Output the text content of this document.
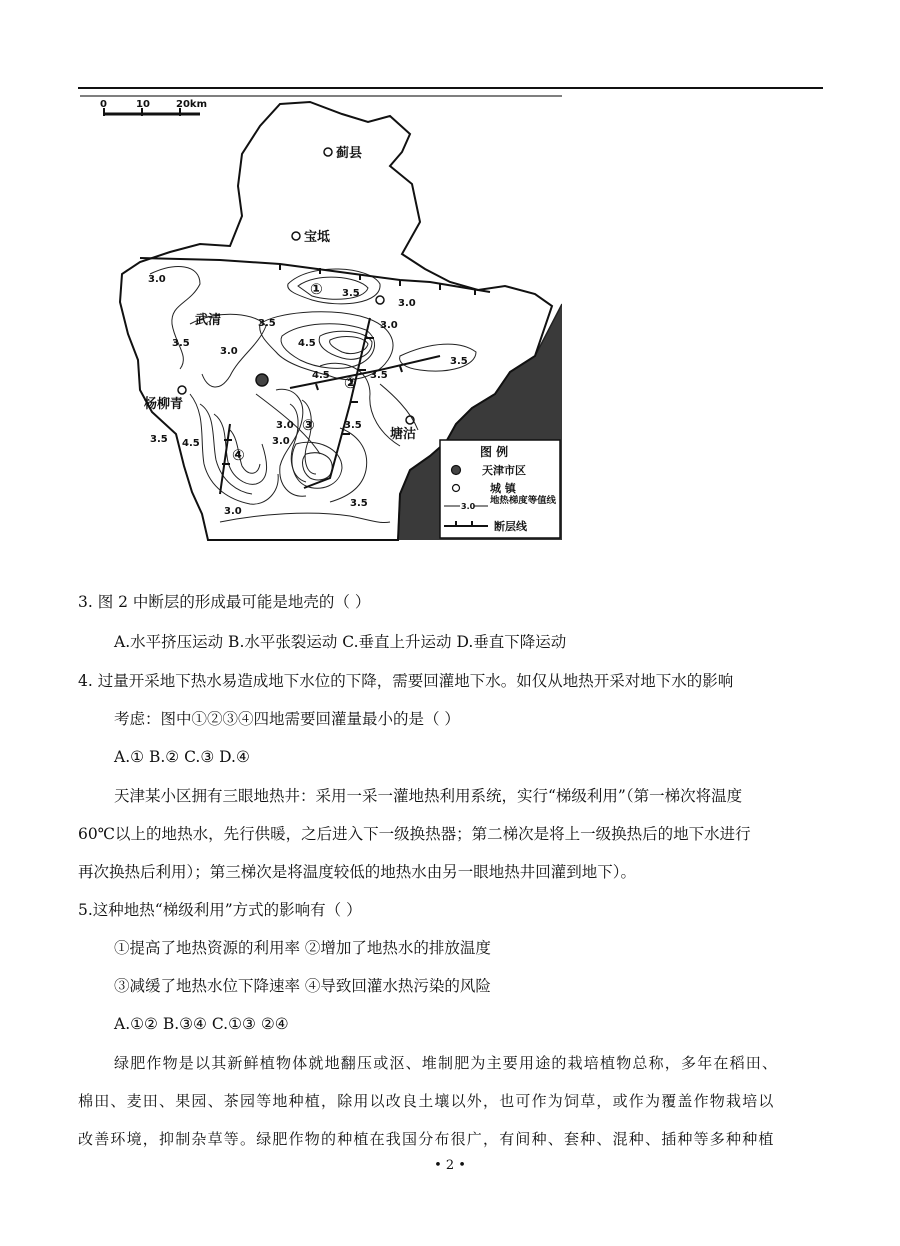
0	10	20km
蓟县
宝坻
武清
杨柳青
塘沽
3.0
3.5
3.0
3.5
3.0
4.5
3.5	3.0
3.5
4.5	3.5
3.5	3.0
3.5
4.5
3.0
3.5
3.0
①
②
③
④	图 例
天津市区
城 镇
3.0
地热梯度等值线
断层线
3. 图 2 中断层的形成最可能是地壳的（ ）
A.水平挤压运动 B.水平张裂运动 C.垂直上升运动 D.垂直下降运动
4. 过量开采地下热水易造成地下水位的下降，需要回灌地下水。如仅从地热开采对地下水的影响
考虑：图中①②③④四地需要回灌量最小的是（ ）
A.① B.② C.③ D.④
天津某小区拥有三眼地热井：采用一采一灌地热利用系统，实行“梯级利用”（第一梯次将温度
60℃以上的地热水，先行供暖，之后进入下一级换热器；第二梯次是将上一级换热后的地下水进行
再次换热后利用）；第三梯次是将温度较低的地热水由另一眼地热井回灌到地下）。
5.这种地热“梯级利用”方式的影响有（ ）
①提高了地热资源的利用率 ②增加了地热水的排放温度
③减缓了地热水位下降速率 ④导致回灌水热污染的风险
A.①② B.③④ C.①③ ②④
绿肥作物是以其新鲜植物体就地翻压或沤、堆制肥为主要用途的栽培植物总称，多年在稻田、
棉田、麦田、果园、茶园等地种植，除用以改良土壤以外，也可作为饲草，或作为覆盖作物栽培以
改善环境，抑制杂草等。绿肥作物的种植在我国分布很广，有间种、套种、混种、插种等多种种植
• 2 •
